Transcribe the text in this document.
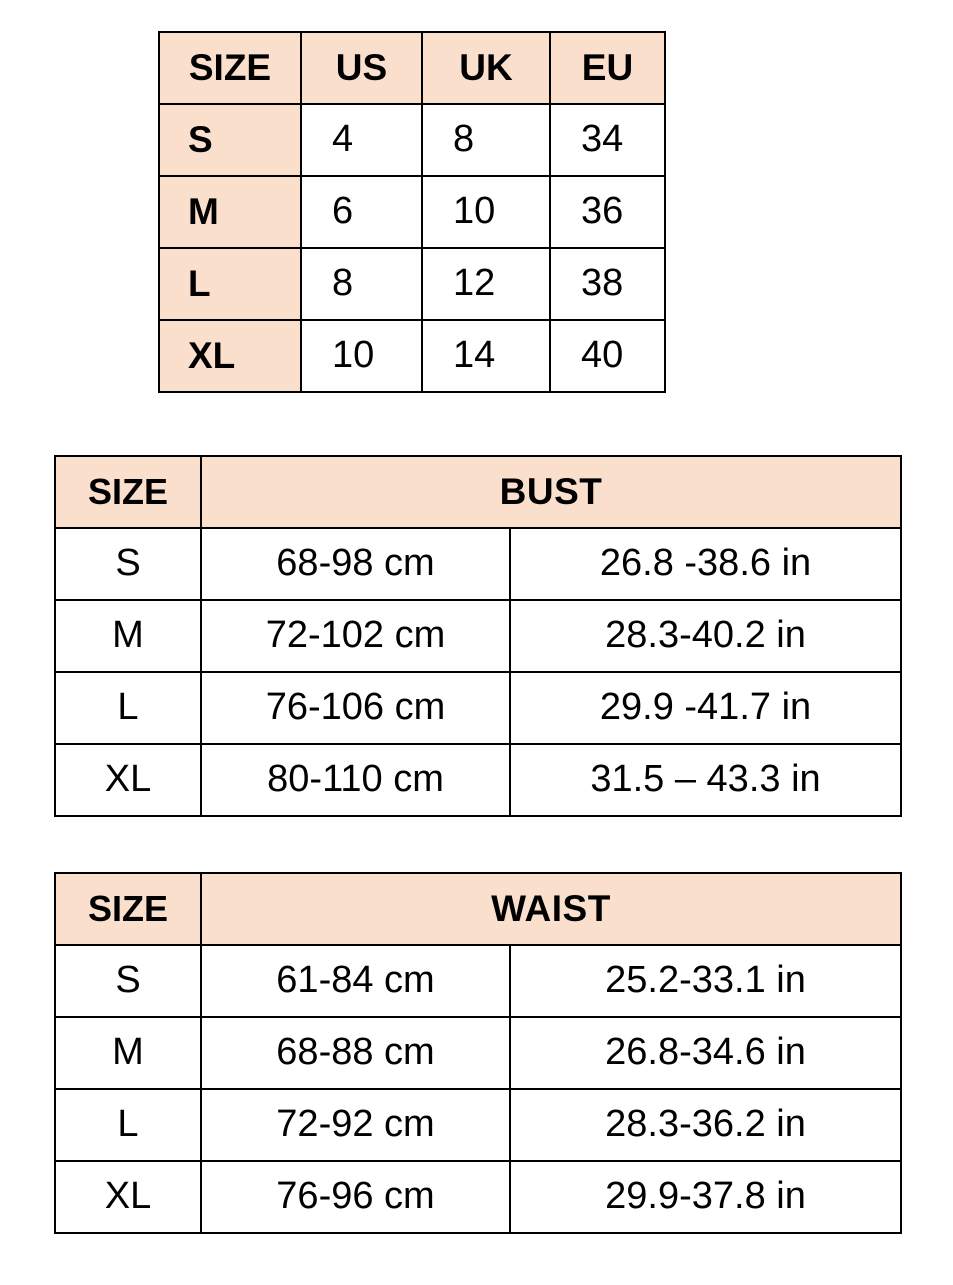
SIZE	US	UK	EU
S	4	8	34
M	6	10	36
L	8	12	38
XL	10	14	40
SIZE	BUST	
S	68-98 cm	26.8 -38.6 in
M	72-102 cm	28.3-40.2 in
L	76-106 cm	29.9 -41.7 in
XL	80-110 cm	31.5 – 43.3 in
SIZE	WAIST	
S	61-84 cm	25.2-33.1 in
M	68-88 cm	26.8-34.6 in
L	72-92 cm	28.3-36.2 in
XL	76-96 cm	29.9-37.8 in
